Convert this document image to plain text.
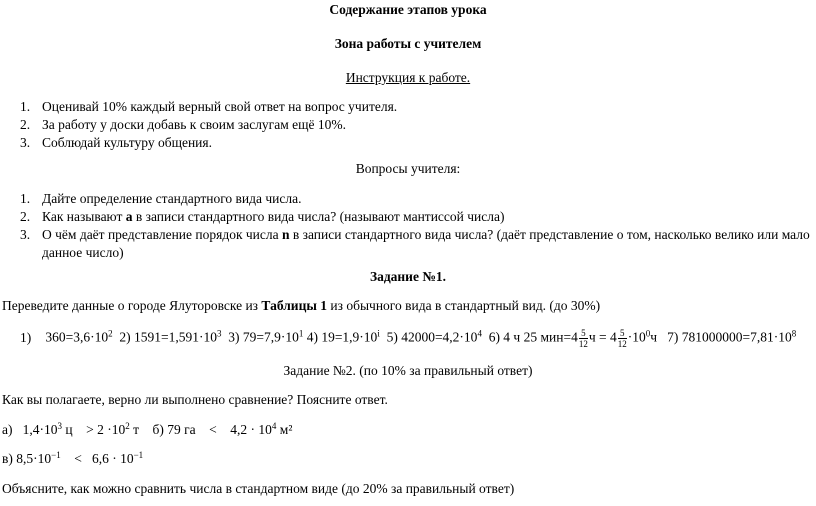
Содержание этапов урока
Зона работы с учителем
Инструкция к работе.
1. Оценивай 10% каждый верный свой ответ на вопрос учителя.
2. За работу у доски добавь к своим заслугам ещё 10%.
3. Соблюдай культуру общения.
Вопросы учителя:
1. Дайте определение стандартного вида числа.
2. Как называют а в записи стандартного вида числа? (называют мантиссой числа)
3. О чём даёт представление порядок числа n в записи стандартного вида числа? (даёт представление о том, насколько велико или мало
данное число)
Задание №1.
Переведите данные о городе Ялуторовске из Таблицы 1 из обычного вида в стандартный вид. (до 30%)
1) $360=3,6\cdot 10^2$ 2) $1591=1,591\cdot 10^3$ 3) $79=7,9\cdot 10^1$ 4) $19=1,9\cdot 10^i$ 5) $42000=4,2\cdot 10^4$ 6) 4 ч 25 $мин=4 \frac{5}{12}$ $ч = 4 \frac{5}{12} \cdot 10^0ч$ 7) $781000000=7,81\cdot 10^8$
Задание №2. (по 10% за правильный ответ)
Как вы полагаете, верно ли выполнено сравнение? Поясните ответ.
а) $1,4\cdot 10^3$ $ц > 2 \cdot 10^2$ т б) 79 га < $4,2 \cdot 10^4$ м²
в) $8,5\cdot 10^{-1} < 6,6 \cdot 10^{-1}$
Объясните, как можно сравнить числа в стандартном виде (до 20% за правильный ответ)
